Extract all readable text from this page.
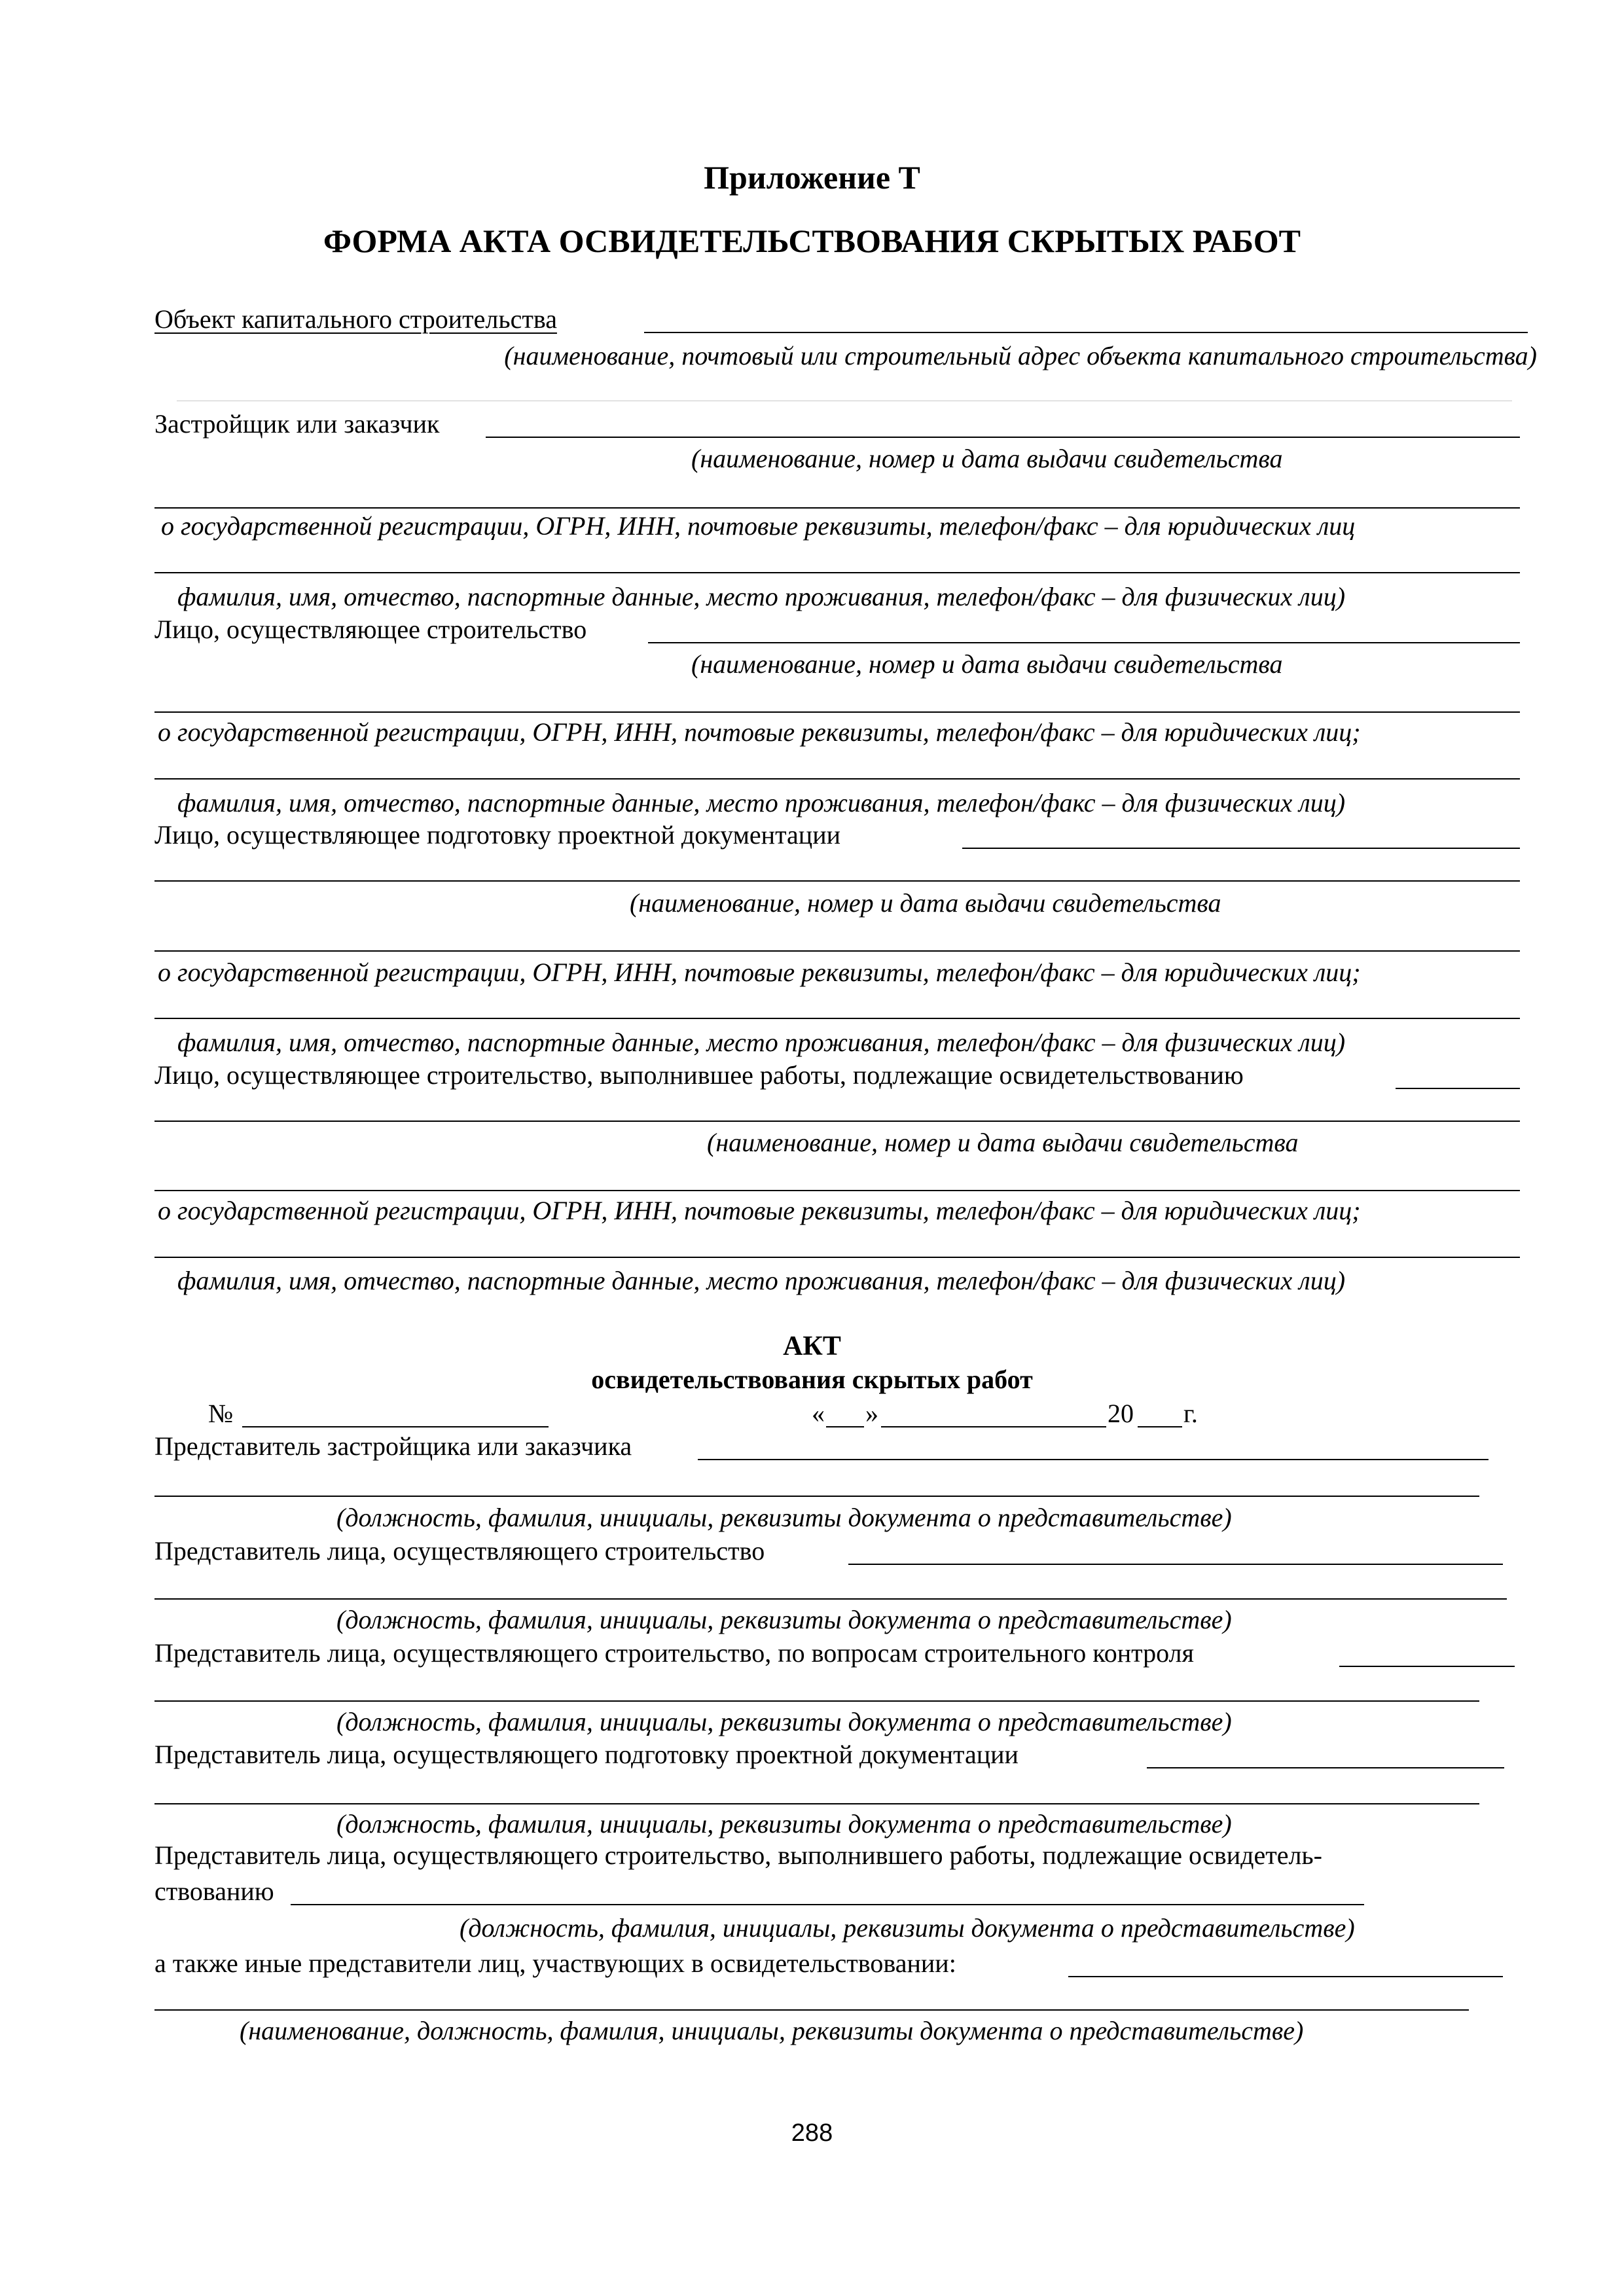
Приложение Т
ФОРМА АКТА ОСВИДЕТЕЛЬСТВОВАНИЯ СКРЫТЫХ РАБОТ
Объект капитального строительства
(наименование, почтовый или строительный адрес объекта капитального строительства)
Застройщик или заказчик
(наименование, номер и дата выдачи свидетельства
о государственной регистрации, ОГРН, ИНН, почтовые реквизиты, телефон/факс – для юридических лиц
фамилия, имя, отчество, паспортные данные, место проживания, телефон/факс – для физических лиц)
Лицо, осуществляющее строительство
(наименование, номер и дата выдачи свидетельства
о государственной регистрации, ОГРН, ИНН, почтовые реквизиты, телефон/факс – для юридических лиц;
фамилия, имя, отчество, паспортные данные, место проживания, телефон/факс – для физических лиц)
Лицо, осуществляющее подготовку проектной документации
(наименование, номер и дата выдачи свидетельства
о государственной регистрации, ОГРН, ИНН, почтовые реквизиты, телефон/факс – для юридических лиц;
фамилия, имя, отчество, паспортные данные, место проживания, телефон/факс – для физических лиц)
Лицо, осуществляющее строительство, выполнившее работы, подлежащие освидетельствованию
(наименование, номер и дата выдачи свидетельства
о государственной регистрации, ОГРН, ИНН, почтовые реквизиты, телефон/факс – для юридических лиц;
фамилия, имя, отчество, паспортные данные, место проживания, телефон/факс – для физических лиц)
АКТ
освидетельствования скрытых работ
№	« »	20 г.
Представитель застройщика или заказчика
(должность, фамилия, инициалы, реквизиты документа о представительстве)
Представитель лица, осуществляющего строительство
(должность, фамилия, инициалы, реквизиты документа о представительстве)
Представитель лица, осуществляющего строительство, по вопросам строительного контроля
(должность, фамилия, инициалы, реквизиты документа о представительстве)
Представитель лица, осуществляющего подготовку проектной документации
(должность, фамилия, инициалы, реквизиты документа о представительстве)
Представитель лица, осуществляющего строительство, выполнившего работы, подлежащие освидетель-
ствованию
(должность, фамилия, инициалы, реквизиты документа о представительстве)
а также иные представители лиц, участвующих в освидетельствовании:
(наименование, должность, фамилия, инициалы, реквизиты документа о представительстве)
288
